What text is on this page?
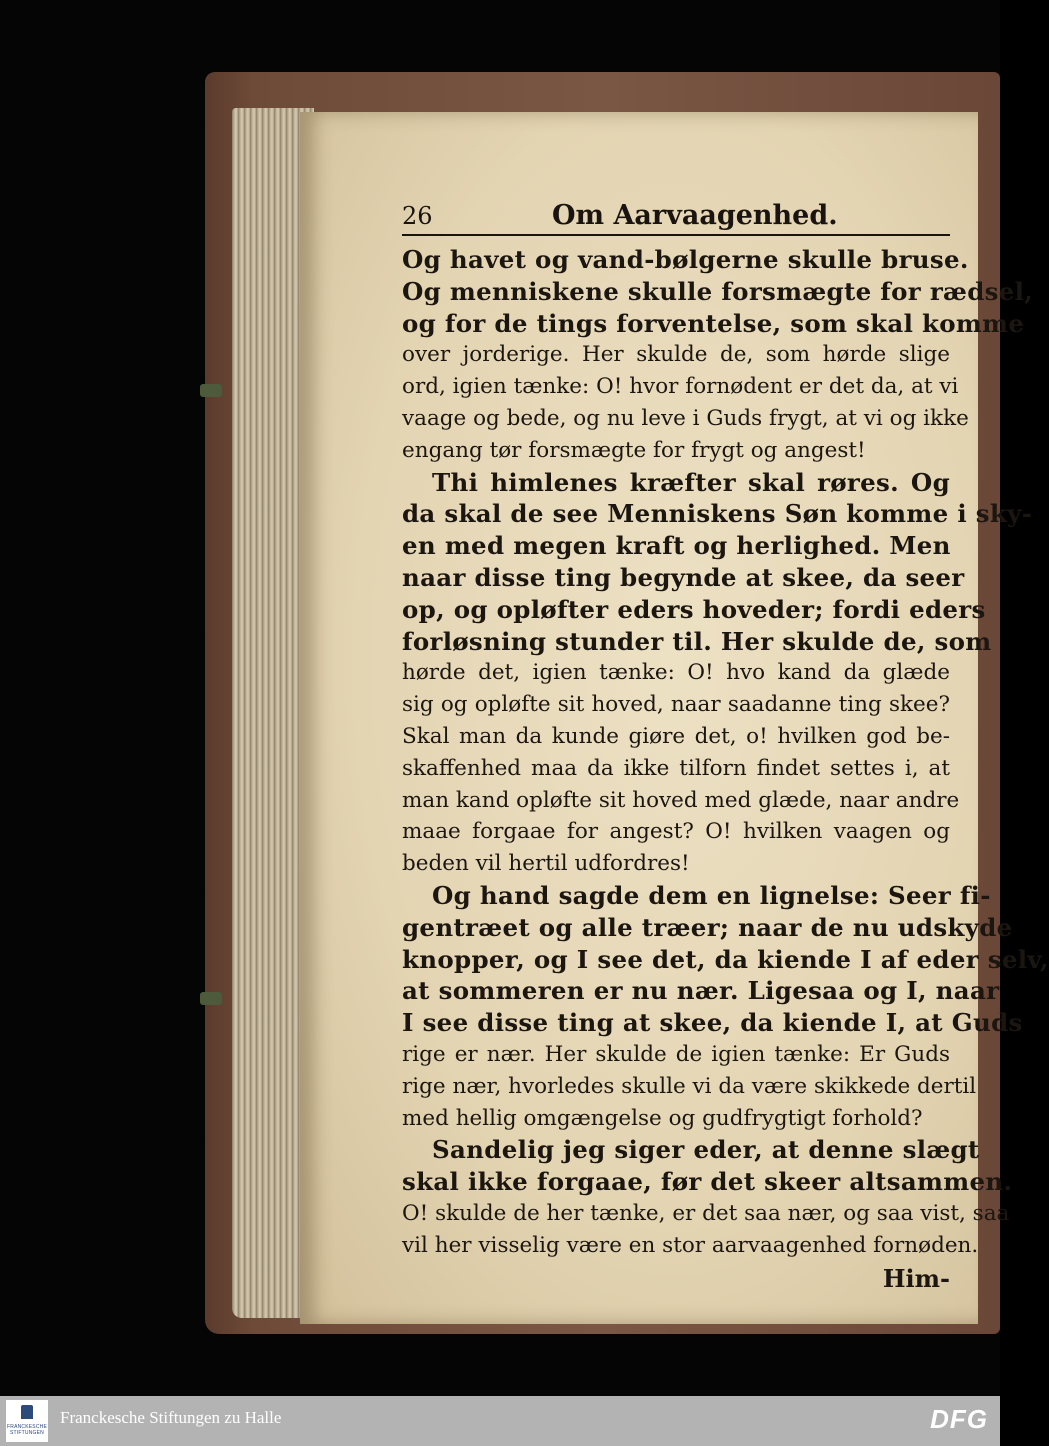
26	Om Aarvaagenhed.
Og havet og vand-bølgerne skulle bruse.
Og menniskene skulle forsmægte for rædsel,
og for de tings forventelse, som skal komme
over jorderige. Her skulde de, som hørde slige
ord, igien tænke: O! hvor fornødent er det da, at vi
vaage og bede, og nu leve i Guds frygt, at vi og ikke
engang tør forsmægte for frygt og angest!
Thi himlenes kræfter skal røres. Og
da skal de see Menniskens Søn komme i sky-
en med megen kraft og herlighed. Men
naar disse ting begynde at skee, da seer
op, og opløfter eders hoveder; fordi eders
forløsning stunder til. Her skulde de, som
hørde det, igien tænke: O! hvo kand da glæde
sig og opløfte sit hoved, naar saadanne ting skee?
Skal man da kunde giøre det, o! hvilken god be-
skaffenhed maa da ikke tilforn findet settes i, at
man kand opløfte sit hoved med glæde, naar andre
maae forgaae for angest? O! hvilken vaagen og
beden vil hertil udfordres!
Og hand sagde dem en lignelse: Seer fi-
gentræet og alle træer; naar de nu udskyde
knopper, og I see det, da kiende I af eder selv,
at sommeren er nu nær. Ligesaa og I, naar
I see disse ting at skee, da kiende I, at Guds
rige er nær. Her skulde de igien tænke: Er Guds
rige nær, hvorledes skulle vi da være skikkede dertil
med hellig omgængelse og gudfrygtigt forhold?
Sandelig jeg siger eder, at denne slægt
skal ikke forgaae, før det skeer altsammen.
O! skulde de her tænke, er det saa nær, og saa vist, saa
vil her visselig være en stor aarvaagenhed fornøden.
Him-
FRANCKESCHE STIFTUNGEN
Franckesche Stiftungen zu Halle	DFG
